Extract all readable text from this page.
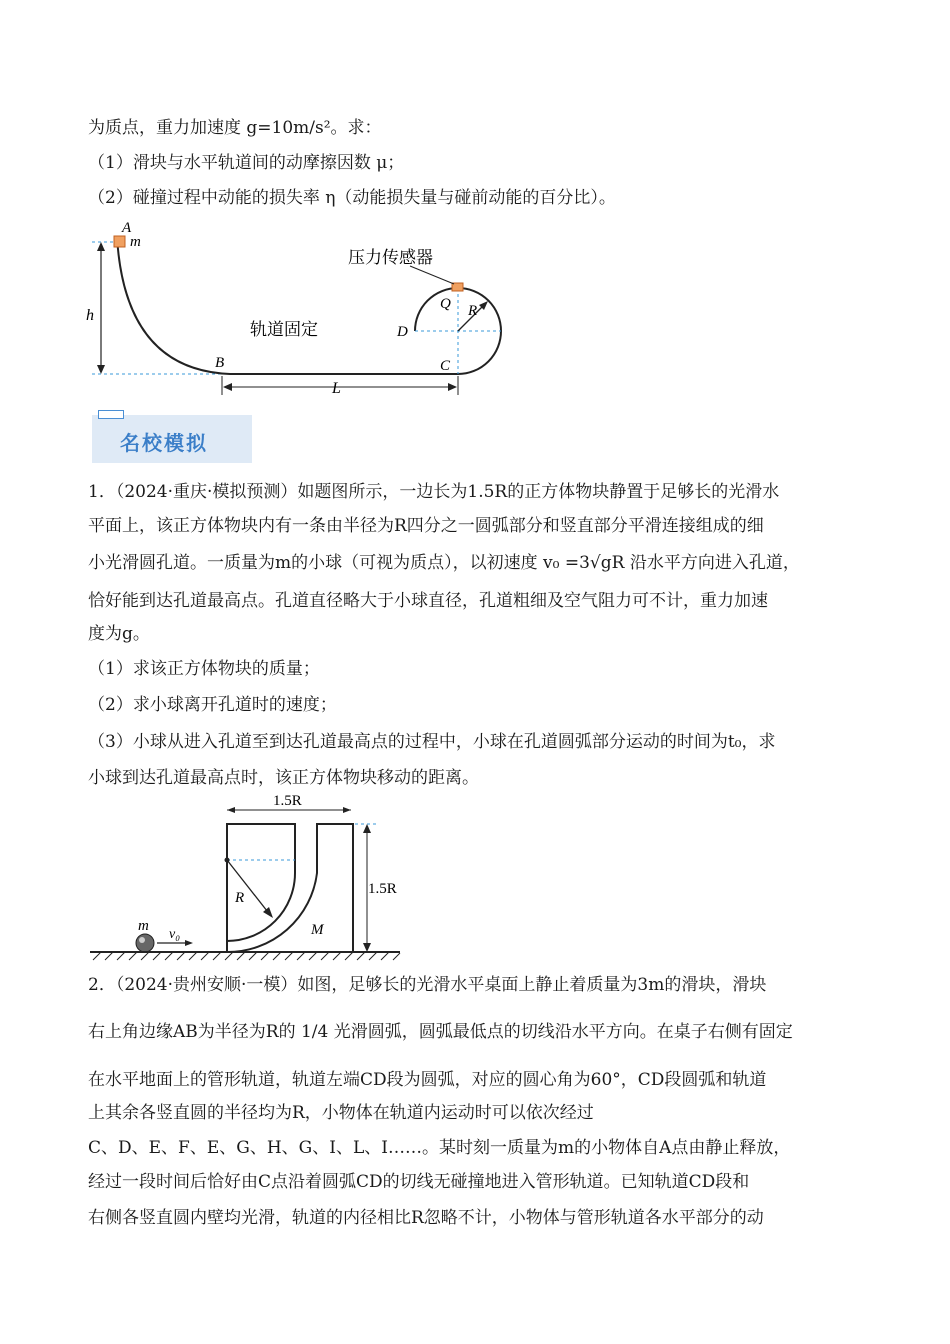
为质点，重力加速度 g=10m/s²。求：
（1）滑块与水平轨道间的动摩擦因数 μ；
（2）碰撞过程中动能的损失率 η（动能损失量与碰前动能的百分比）。
h
A
m
B
轨道固定
L
R
压力传感器
Q
D
C
名校模拟
1．（2024·重庆·模拟预测）如题图所示，一边长为1.5R的正方体物块静置于足够长的光滑水
平面上，该正方体物块内有一条由半径为R四分之一圆弧部分和竖直部分平滑连接组成的细
小光滑圆孔道。一质量为m的小球（可视为质点），以初速度 v₀ =3√gR 沿水平方向进入孔道，
恰好能到达孔道最高点。孔道直径略大于小球直径，孔道粗细及空气阻力可不计，重力加速
度为g。
（1）求该正方体物块的质量；
（2）求小球离开孔道时的速度；
（3）小球从进入孔道至到达孔道最高点的过程中，小球在孔道圆弧部分运动的时间为t₀，求
小球到达孔道最高点时，该正方体物块移动的距离。
1.5R
R
M
1.5R
m
v₀
2．（2024·贵州安顺·一模）如图，足够长的光滑水平桌面上静止着质量为3m的滑块，滑块
右上角边缘AB为半径为R的 1/4 光滑圆弧，圆弧最低点的切线沿水平方向。在桌子右侧有固定
在水平地面上的管形轨道，轨道左端CD段为圆弧，对应的圆心角为60°，CD段圆弧和轨道
上其余各竖直圆的半径均为R，小物体在轨道内运动时可以依次经过
C、D、E、F、E、G、H、G、Ⅰ、L、I……。某时刻一质量为m的小物体自A点由静止释放，
经过一段时间后恰好由C点沿着圆弧CD的切线无碰撞地进入管形轨道。已知轨道CD段和
右侧各竖直圆内壁均光滑，轨道的内径相比R忽略不计，小物体与管形轨道各水平部分的动
